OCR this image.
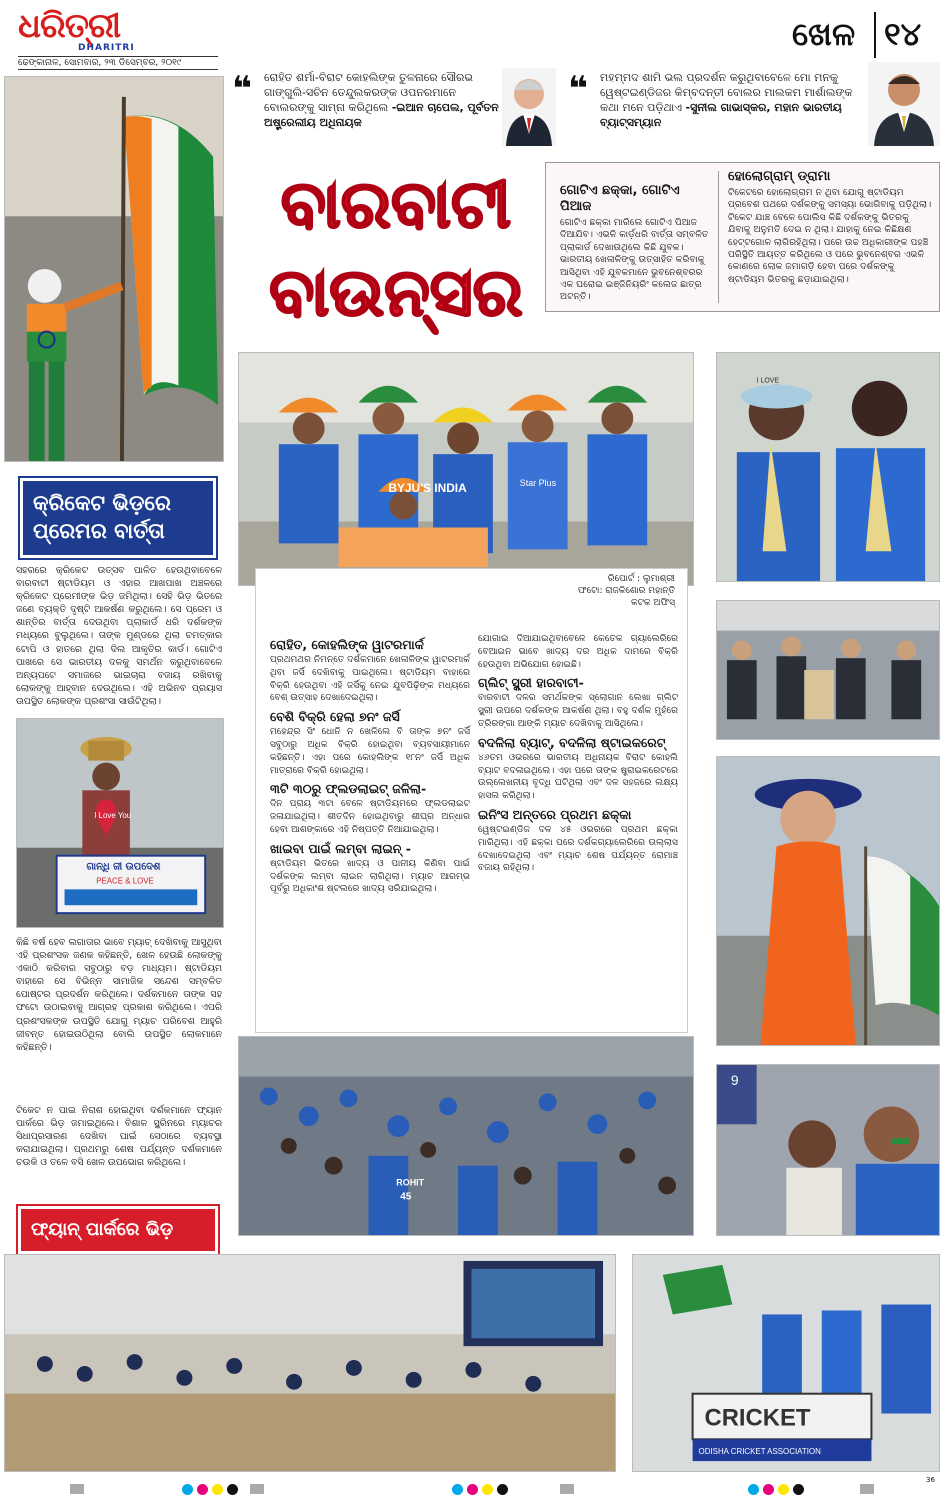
ଧରିତ୍ରୀ
DHARITRI
ଢେଙ୍କାନାଳ, ସୋମବାର, ୨୩ ଡିସେମ୍ବର, ୨୦୧୯
ଖେଳ ୧୪
❝	ରୋହିତ ଶର୍ମା-ବିରାଟ କୋହଲିଙ୍କ ତୁଳନାରେ ସୌରଭ ଗାଙ୍ଗୁଲି-ସଚିନ ତେନ୍ଦୁଲକରଙ୍କ ଓପନରମାନେ ବୋଲରଙ୍କୁ ସାମ୍ନା କରିଥିଲେ -ଇଆନ ଚାପେଲ, ପୂର୍ବତନ ଅଷ୍ଟ୍ରେଲୀୟ ଅଧିନାୟକ
❝	ମହମ୍ମଦ ଶାମି ଭଲ ପ୍ରଦର୍ଶନ କରୁଥିବାବେଳେ ମୋ ମନକୁ ୱେଷ୍ଟଇଣ୍ଡିଜର କିମ୍ବଦନ୍ତୀ ବୋଲର ମାଲକମ ମାର୍ଶାଲଙ୍କ କଥା ମନେ ପଡ଼ିଥାଏ -ସୁନୀଲ ଗାଭାସ୍କର, ମହାନ ଭାରତୀୟ ବ୍ୟାଟ୍ସମ୍ୟାନ
କ୍ରିକେଟ ଭିଡ଼ରେ
ପ୍ରେମର ବାର୍ତ୍ତା
ସହରରେ କ୍ରିକେଟ ଉତ୍ସବ ପାଳିତ ହେଉଥିବାବେଳେ ବାରବାଟୀ ଷ୍ଟାଡିୟମ ଓ ଏହାର ଆଖପାଖ ଅଞ୍ଚଳରେ କ୍ରିକେଟ ପ୍ରେମୀଙ୍କ ଭିଡ଼ ଜମିଥିଲା। ସେହି ଭିଡ଼ ଭିତରେ ଜଣେ ବ୍ୟକ୍ତି ଦୃଷ୍ଟି ଆକର୍ଷଣ କରୁଥିଲେ। ସେ ପ୍ରେମ ଓ ଶାନ୍ତିର ବାର୍ତ୍ତା ଦେଉଥିବା ପ୍ଲାକାର୍ଡ ଧରି ଦର୍ଶକଙ୍କ ମଧ୍ୟରେ ବୁଲୁଥିଲେ। ତାଙ୍କ ମୁଣ୍ଡରେ ଥିଲା ଚମତ୍କାର ଟୋପି ଓ ହାତରେ ଥିଲା ଦିଲ ଆକୃତିର କାର୍ଡ। ଗୋଟିଏ ପାଖରେ ସେ ଭାରତୀୟ ଦଳକୁ ସମର୍ଥନ କରୁଥିବାବେଳେ ଅନ୍ୟପଟେ ସମାଜରେ ଭାଇଚାରା ବଜାୟ ରଖିବାକୁ ଲୋକଙ୍କୁ ଆହ୍ବାନ ଦେଉଥିଲେ। ଏହି ଅଭିନବ ପ୍ରୟାସ ଉପସ୍ଥିତ ଲୋକଙ୍କ ପ୍ରଶଂସା ସାଉଁଟିଥିଲା।
I Love You
ଗାନ୍ଧି ଜୀ ଉପଦେଶ
PEACE & LOVE
କିଛି ବର୍ଷ ହେବ ଲଗାତାର ଭାବେ ମ୍ୟାଚ୍ ଦେଖିବାକୁ ଆସୁଥିବା ଏହି ପ୍ରଶଂସକ ଜଣକ କହିଛନ୍ତି, ଖେଳ ହେଉଛି ଲୋକଙ୍କୁ ଏକାଠି କରିବାର ସବୁଠାରୁ ବଡ଼ ମାଧ୍ୟମ। ଷ୍ଟାଡିୟମ ବାହାରେ ସେ ବିଭିନ୍ନ ସାମାଜିକ ସନ୍ଦେଶ ସମ୍ବଳିତ ପୋଷ୍ଟର ପ୍ରଦର୍ଶନ କରିଥିଲେ। ଦର୍ଶକମାନେ ତାଙ୍କ ସହ ଫଟୋ ଉଠାଇବାକୁ ଆଗ୍ରହ ପ୍ରକାଶ କରିଥିଲେ। ଏପରି ପ୍ରଶଂସକଙ୍କ ଉପସ୍ଥିତି ଯୋଗୁ ମ୍ୟାଚ ପରିବେଶ ଆହୁରି ଜୀବନ୍ତ ହୋଇଉଠିଥିଲା ବୋଲି ଉପସ୍ଥିତ ଲୋକମାନେ କହିଛନ୍ତି।
ଟିକେଟ ନ ପାଇ ନିରାଶ ହୋଇଥିବା ଦର୍ଶକମାନେ ଫ୍ୟାନ ପାର୍କରେ ଭିଡ଼ ଜମାଇଥିଲେ। ବିଶାଳ ସ୍କ୍ରିନରେ ମ୍ୟାଚର ସିଧାପ୍ରସାରଣ ଦେଖିବା ପାଇଁ ସେଠାରେ ବ୍ୟବସ୍ଥା କରାଯାଇଥିଲା। ପ୍ରଥମରୁ ଶେଷ ପର୍ଯ୍ୟନ୍ତ ଦର୍ଶକମାନେ ଚଉକି ଓ ତଳେ ବସି ଖେଳ ଉପଭୋଗ କରିଥିଲେ।
ଫ୍ୟାନ୍ ପାର୍କରେ ଭିଡ଼
ବାରବାଟୀ
ବାଉନ୍ସର
ଗୋଟିଏ ଛକ୍କା, ଗୋଟିଏ ପିଆଜ
ଗୋଟିଏ ଛକ୍କା ମାରିଲେ ଗୋଟିଏ ପିଆଜ ଦିଆଯିବ। ଏଭଳି କାର୍ଡ଼ଧରି ବାର୍ତ୍ତା ସମ୍ବଳିତ ପ୍ଲାକାର୍ଡ ଦେଖାଉଥିଲେ କିଛି ଯୁବକ। ଭାରତୀୟ ଖେଳାଳିଙ୍କୁ ଉତ୍ସାହିତ କରିବାକୁ ଆସିଥିବା ଏହି ଯୁବକମାନେ ଭୁବନେଶ୍ବରର ଏକ ଘରୋଇ ଇଞ୍ଜିନିୟରିଂ କଲେଜ ଛାତ୍ର ଅଟନ୍ତି।
ହୋଲୋଗ୍ରାମ୍ ଡ୍ରାମା
ଟିକେଟରେ ହୋଲୋଗ୍ରାମ ନ ଥିବା ଯୋଗୁ ଷ୍ଟାଡିୟମ ପ୍ରବେଶ ପଥରେ ଦର୍ଶକଙ୍କୁ ସମସ୍ୟା ଭୋଗିବାକୁ ପଡ଼ିଥିଲା। ଟିକେଟ ଯାଞ୍ଚ ବେଳେ ପୋଲିସ କିଛି ଦର୍ଶକଙ୍କୁ ଭିତରକୁ ଯିବାକୁ ଅନୁମତି ଦେଇ ନ ଥିଲା। ଯାହାକୁ ନେଇ କିଛିକ୍ଷଣ ହେଟ୍ଟଗୋଳ ଲାଗିରହିଥିଲା। ପରେ ଉଚ୍ଚ ଅଧିକାରୀଙ୍କ ପହଞ୍ଚି ପରିସ୍ଥିତି ଆୟତ୍ତ କରିଥିଲେ ଓ ପରେ ଭୁବନେଶ୍ବର ଏଭଳି କୋଣରେ ଲୋକ ଜମାଗଡ଼ି ହେବା ପରେ ଦର୍ଶକଙ୍କୁ ଷ୍ଟାଡିୟମ ଭିତରକୁ ଛଡ଼ାଯାଇଥିଲା।
BYJU'S INDIA	Star Plus
ରିପୋର୍ଟ : ଲୁମାଶ୍ରୀ
ଫଟୋ: ରାଜକିଶୋର ମହାନ୍ତି
କଟକ ଅଫିସ୍
ରୋହିତ, କୋହଲିଙ୍କ ୱାଟରମାର୍କ
ପ୍ରଥମଥର ନିମନ୍ତେ ଦର୍ଶକମାନେ ଖେଳାଳିଙ୍କ ୱାଟରମାର୍କ ଥିବା ଜର୍ସି ଦେଖିବାକୁ ପାଇଥିଲେ। ଷ୍ଟାଡିୟମ ବାହାରେ ବିକ୍ରି ହେଉଥିବା ଏହି ଜର୍ସିକୁ ନେଇ ଯୁବପିଢ଼ିଙ୍କ ମଧ୍ୟରେ ବେଶ୍ ଉତ୍ସାହ ଦେଖାଦେଇଥିଲା।
ବେଶି ବିକ୍ରି ହେଲା ୭ନଂ ଜର୍ସି
ମହେନ୍ଦ୍ର ସିଂ ଧୋନି ନ ଖେଳିଲେ ବି ତାଙ୍କ ୭ନଂ ଜର୍ସି ସବୁଠାରୁ ଅଧିକ ବିକ୍ରି ହୋଇଥିବା ବ୍ୟବସାୟୀମାନେ କହିଛନ୍ତି। ଏହା ପରେ କୋହଲିଙ୍କ ୧୮ନଂ ଜର୍ସି ଅଧିକ ମାତ୍ରାରେ ବିକ୍ରି ହୋଇଥିଲା।
୩ଟି ୩୦ରୁ ଫ୍ଲଡଲାଇଟ୍ ଜଳିଲା-
ଦିନ ପ୍ରାୟ ୩ଟା ବେଳେ ଷ୍ଟାଡିୟମରେ ଫ୍ଲଡଲାଇଟ ଜଳାଯାଇଥିଲା। ଶୀତଦିନ ହୋଇଥିବାରୁ ଶୀଘ୍ର ଅନ୍ଧାର ହେବା ଆଶଙ୍କାରେ ଏହି ନିଷ୍ପତ୍ତି ନିଆଯାଇଥିଲା।
ଖାଇବା ପାଇଁ ଲମ୍ବା ଲାଇନ୍ -
ଷ୍ଟାଡିୟମ ଭିତରେ ଖାଦ୍ୟ ଓ ପାନୀୟ କିଣିବା ପାଇଁ ଦର୍ଶକଙ୍କ ଲମ୍ବା ଲାଇନ ଲାଗିଥିଲା। ମ୍ୟାଚ ଆରମ୍ଭ ପୂର୍ବରୁ ଅଧିକାଂଶ ଷ୍ଟଲରେ ଖାଦ୍ୟ ସରିଯାଇଥିଲା।
ଯୋଗାଇ ଦିଆଯାଇଥିବାବେଳେ କେତେକ ଗ୍ୟାଲେରିରେ ବେଆଇନ ଭାବେ ଖାଦ୍ୟ ଦର ଅଧିକ ଦାମରେ ବିକ୍ରି ହେଉଥିବା ଅଭିଯୋଗ ହୋଇଛି।
ଗ୍ଲିଟ୍ ସ୍କ୍ରୀ ହାରବାଟୀ-
ବାରବାଟୀ ଦଳର ସମର୍ଥକଙ୍କ ସ୍ଲୋଗାନ ଲେଖା ଗ୍ଲିଟ ସ୍କ୍ରୀ ଉପରେ ଦର୍ଶକଙ୍କ ଆକର୍ଷଣ ଥିଲା। ବହୁ ଦର୍ଶକ ମୁହଁରେ ତ୍ରିରଙ୍ଗା ଆଙ୍କି ମ୍ୟାଚ ଦେଖିବାକୁ ଆସିଥିଲେ।
ବଦଳିଲା ବ୍ୟାଟ୍, ବଦଳିଲା ଷ୍ଟାଇକରେଟ୍
୪୬ତମ ଓଭରରେ ଭାରତୀୟ ଅଧିନାୟକ ବିରାଟ କୋହଲି ବ୍ୟାଟ ବଦଳାଇଥିଲେ। ଏହା ପରେ ତାଙ୍କ ଷ୍ଟ୍ରାଇକରେଟରେ ଉଲ୍ଲେଖନୀୟ ବୃଦ୍ଧି ଘଟିଥିଲା ଏବଂ ଦଳ ସହଜରେ ଲକ୍ଷ୍ୟ ହାସଲ କରିଥିଲା।
ଇନିଂସ ଅନ୍ତରେ ପ୍ରଥମ ଛକ୍କା
ୱେଷ୍ଟଇଣ୍ଡିଜ ଦଳ ୪୫ ଓଭରରେ ପ୍ରଥମ ଛକ୍କା ମାରିଥିଲା। ଏହି ଛକ୍କା ପରେ ଦର୍ଶକଗ୍ୟାଲେରିରେ ଉଲ୍ଲାସ ଦେଖାଦେଇଥିଲା ଏବଂ ମ୍ୟାଚ ଶେଷ ପର୍ଯ୍ୟନ୍ତ ରୋମାଞ୍ଚ ବଜାୟ ରହିଥିଲା।
ROHIT
45
I LOVE
9
CRICKET
ODISHA CRICKET ASSOCIATION
36
